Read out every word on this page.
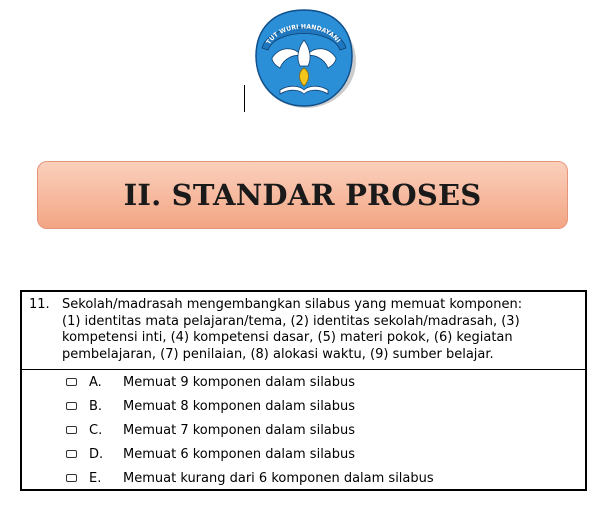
TUT WURI HANDAYANI
II. STANDAR PROSES
11. Sekolah/madrasah mengembangkan silabus yang memuat komponen:
(1) identitas mata pelajaran/tema, (2) identitas sekolah/madrasah, (3)
kompetensi inti, (4) kompetensi dasar, (5) materi pokok, (6) kegiatan
pembelajaran, (7) penilaian, (8) alokasi waktu, (9) sumber belajar.
A.	Memuat 9 komponen dalam silabus
B.	Memuat 8 komponen dalam silabus
C.	Memuat 7 komponen dalam silabus
D.	Memuat 6 komponen dalam silabus
E.	Memuat kurang dari 6 komponen dalam silabus
